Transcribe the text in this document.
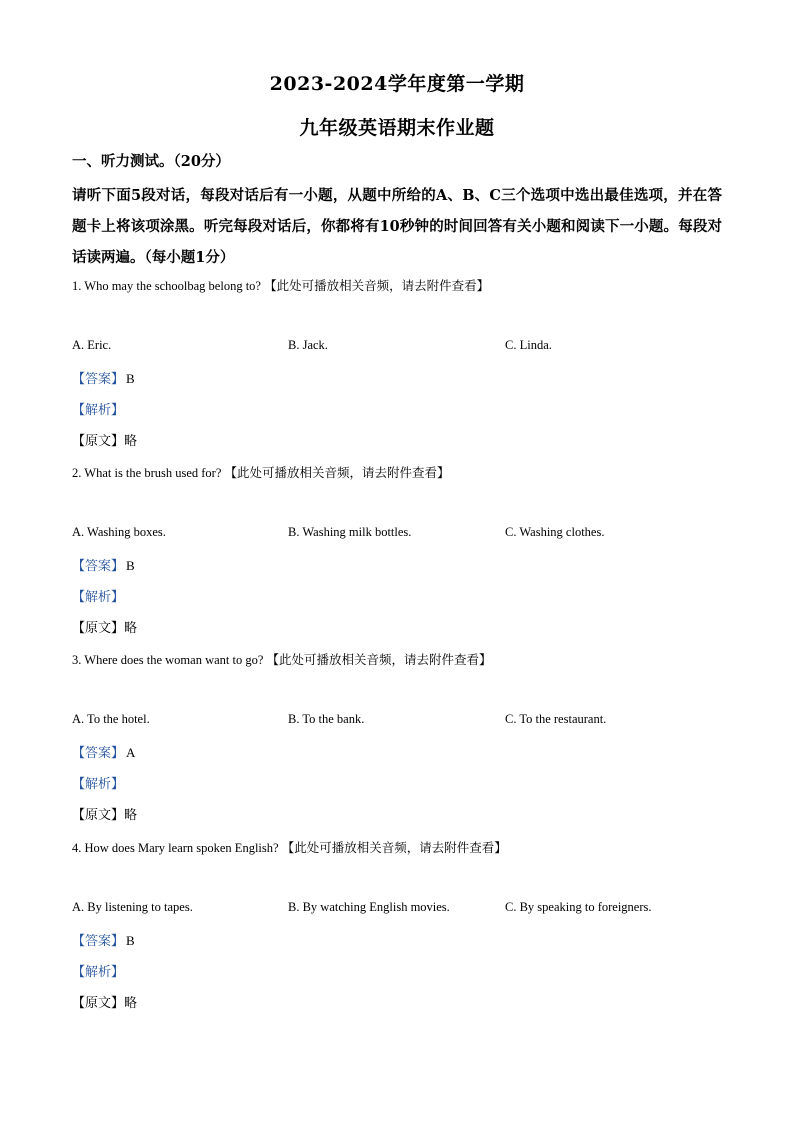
2023-2024学年度第一学期
九年级英语期末作业题
一、听力测试。（20分）
请听下面5段对话，每段对话后有一小题，从题中所给的A、B、C三个选项中选出最佳选项，并在答题卡上将该项涂黑。听完每段对话后，你都将有10秒钟的时间回答有关小题和阅读下一小题。每段对话读两遍。（每小题1分）
1. Who may the schoolbag belong to? 【此处可播放相关音频，请去附件查看】
A. Eric.	B. Jack.	C. Linda.
【答案】 B
【解析】
【原文】略
2. What is the brush used for? 【此处可播放相关音频，请去附件查看】
A. Washing boxes.	B. Washing milk bottles.	C. Washing clothes.
【答案】 B
【解析】
【原文】略
3. Where does the woman want to go? 【此处可播放相关音频，请去附件查看】
A. To the hotel.	B. To the bank.	C. To the restaurant.
【答案】 A
【解析】
【原文】略
4. How does Mary learn spoken English? 【此处可播放相关音频，请去附件查看】
A. By listening to tapes.	B. By watching English movies.	C. By speaking to foreigners.
【答案】 B
【解析】
【原文】略
